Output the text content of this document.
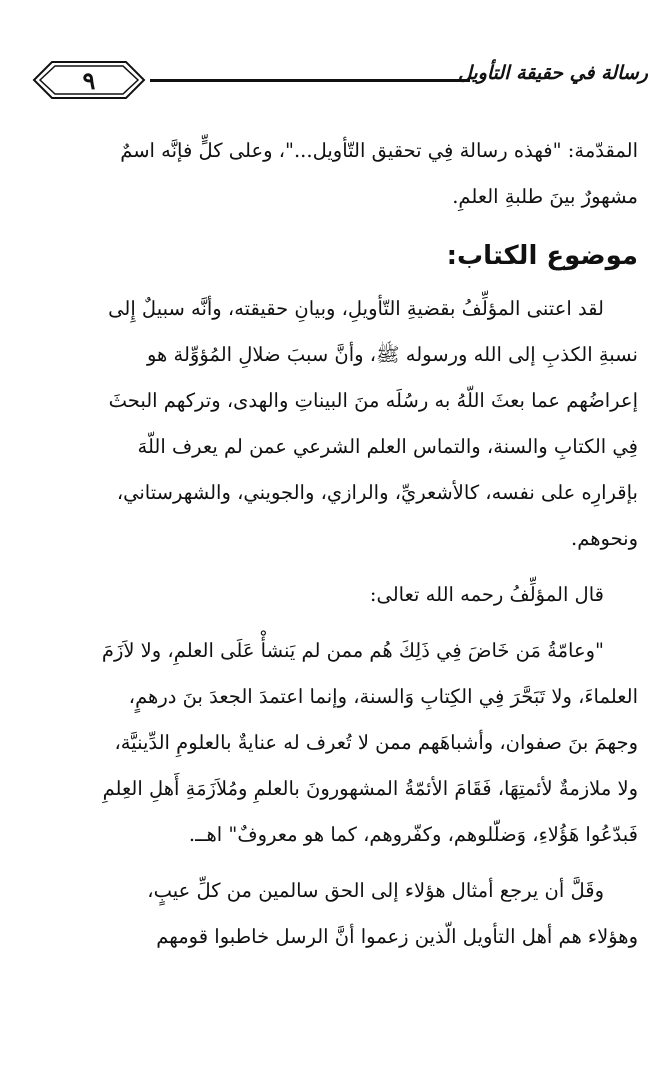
٩	رسالة في حقيقة التأويل
المقدّمة: "فهذه رسالة فِي تحقيق التّأويل..."، وعلى كلٍّ فإنَّه اسمٌ
مشهورٌ بينَ طلبةِ العلمِ.
موضوع الكتاب:
لقد اعتنى المؤلِّفُ بقضيةِ التّأويلِ، وبيانِ حقيقته، وأنَّه سبيلٌ إِلى
نسبةِ الكذبِ إلى الله ورسوله ﷺ، وأنَّ سببَ ضلالِ المُؤوِّلة هو
إعراضُهم عما بعثَ اللّهُ به رسُلَه منَ البيناتِ والهدى، وتركهم البحثَ
فِي الكتابِ والسنة، والتماس العلم الشرعي عمن لم يعرف اللّهَ
بإقرارِه على نفسه، كالأشعريِّ، والرازي، والجويني، والشهرستاني،
ونحوهم.
قال المؤلِّفُ رحمه الله تعالى:
"وعامّةُ مَن خَاضَ فِي ذَلِكَ هُم ممن لم يَنشأْ عَلَى العلمِ، ولا لاَزَمَ
العلماءَ، ولا تَبَحَّرَ فِي الكِتابِ وَالسنة، وإنما اعتمدَ الجعدَ بنَ درهمٍ،
وجهمَ بنَ صفوان، وأشباهَهم ممن لا تُعرف له عنايةٌ بالعلومِ الدِّينيَّة،
ولا ملازمةٌ لأئمتِهَا، فَقَامَ الأئمّةُ المشهورونَ بالعلمِ ومُلاَزَمَةِ أَهلِ العِلمِ
فَبدّعُوا هَؤُلاءِ، وَضلّلوهم، وكفّروهم، كما هو معروفٌ" اهــ.
وقَلَّ أن يرجع أمثال هؤلاء إلى الحق سالمين من كلِّ عيبٍ،
وهؤلاء هم أهل التأويل الّذين زعموا أنَّ الرسل خاطبوا قومهم
